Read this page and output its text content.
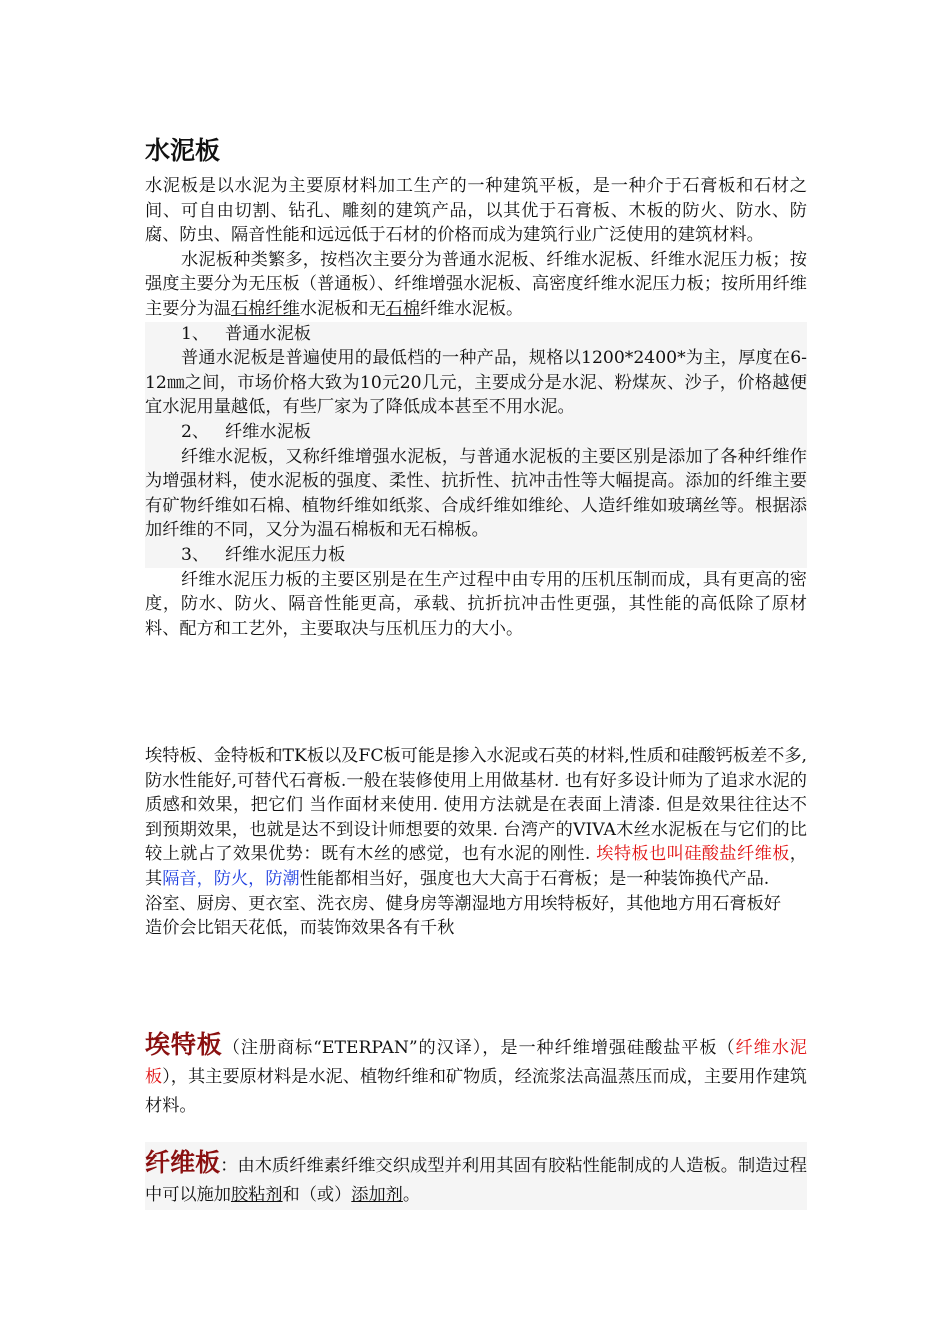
水泥板

水泥板是以水泥为主要原材料加工生产的一种建筑平板，是一种介于石膏板和石材之间、可自由切割、钻孔、雕刻的建筑产品，以其优于石膏板、木板的防火、防水、防腐、防虫、隔音性能和远远低于石材的价格而成为建筑行业广泛使用的建筑材料。

水泥板种类繁多，按档次主要分为普通水泥板、纤维水泥板、纤维水泥压力板；按强度主要分为无压板（普通板）、纤维增强水泥板、高密度纤维水泥压力板；按所用纤维主要分为温石棉纤维水泥板和无石棉纤维水泥板。

1、 普通水泥板

普通水泥板是普遍使用的最低档的一种产品，规格以1200*2400*为主，厚度在6-12㎜之间，市场价格大致为10元20几元，主要成分是水泥、粉煤灰、沙子，价格越便宜水泥用量越低，有些厂家为了降低成本甚至不用水泥。

2、 纤维水泥板

纤维水泥板，又称纤维增强水泥板，与普通水泥板的主要区别是添加了各种纤维作为增强材料，使水泥板的强度、柔性、抗折性、抗冲击性等大幅提高。添加的纤维主要有矿物纤维如石棉、植物纤维如纸浆、合成纤维如维纶、人造纤维如玻璃丝等。根据添加纤维的不同，又分为温石棉板和无石棉板。

3、 纤维水泥压力板

纤维水泥压力板的主要区别是在生产过程中由专用的压机压制而成，具有更高的密度，防水、防火、隔音性能更高，承载、抗折抗冲击性更强，其性能的高低除了原材料、配方和工艺外，主要取决与压机压力的大小。

埃特板、金特板和TK板以及FC板可能是掺入水泥或石英的材料,性质和硅酸钙板差不多,防水性能好,可替代石膏板.一般在装修使用上用做基材. 也有好多设计师为了追求水泥的质感和效果，把它们 当作面材来使用. 使用方法就是在表面上清漆. 但是效果往往达不到预期效果，也就是达不到设计师想要的效果. 台湾产的VIVA木丝水泥板在与它们的比较上就占了效果优势：既有木丝的感觉，也有水泥的刚性. 埃特板也叫硅酸盐纤维板，其隔音，防火，防潮性能都相当好，强度也大大高于石膏板；是一种装饰换代产品.

浴室、厨房、更衣室、洗衣房、健身房等潮湿地方用埃特板好，其他地方用石膏板好

造价会比铝天花低，而装饰效果各有千秋

埃特板（注册商标“ETERPAN”的汉译），是一种纤维增强硅酸盐平板（纤维水泥板），其主要原材料是水泥、植物纤维和矿物质，经流浆法高温蒸压而成，主要用作建筑材料。

纤维板：由木质纤维素纤维交织成型并利用其固有胶粘性能制成的人造板。制造过程中可以施加胶粘剂和（或）添加剂。
